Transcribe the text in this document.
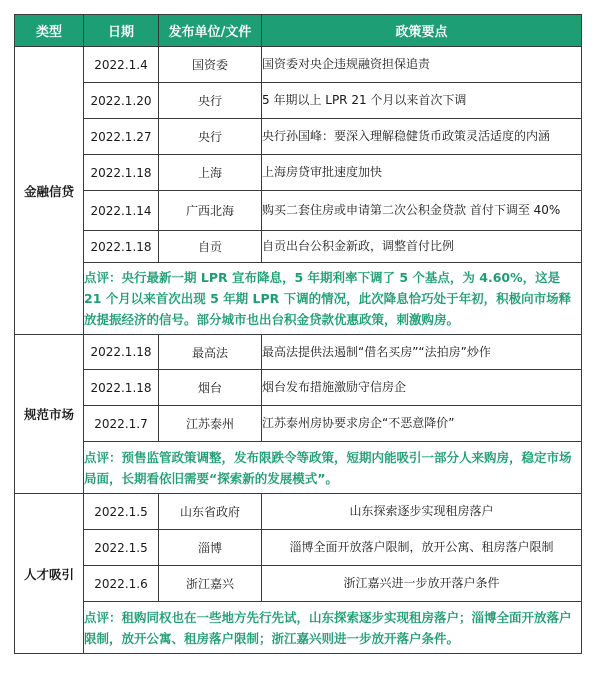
类型	日期	发布单位/文件	政策要点
金融信贷	2022.1.4	国资委	国资委对央企违规融资担保追责
	2022.1.20	央行	5 年期以上 LPR 21 个月以来首次下调
	2022.1.27	央行	央行孙国峰：要深入理解稳健货币政策灵活适度的内涵
	2022.1.18	上海	上海房贷审批速度加快
	2022.1.14	广西北海	购买二套住房或申请第二次公积金贷款 首付下调至 40%
	2022.1.18	自贡	自贡出台公积金新政，调整首付比例
	点评：央行最新一期 LPR 宣布降息，5 年期利率下调了 5 个基点，为 4.60%，这是 21 个月以来首次出现 5 年期 LPR 下调的情况，此次降息恰巧处于年初，积极向市场释放提振经济的信号。部分城市也出台积金贷款优惠政策，刺激购房。		
规范市场	2022.1.18	最高法	最高法提供法遏制“借名买房”“法拍房”炒作
	2022.1.18	烟台	烟台发布措施激励守信房企
	2022.1.7	江苏泰州	江苏泰州房协要求房企“不恶意降价”
	点评：预售监管政策调整，发布限跌令等政策，短期内能吸引一部分人来购房，稳定市场局面，长期看依旧需要“探索新的发展模式”。		
人才吸引	2022.1.5	山东省政府	山东探索逐步实现租房落户
	2022.1.5	淄博	淄博全面开放落户限制，放开公寓、租房落户限制
	2022.1.6	浙江嘉兴	浙江嘉兴进一步放开落户条件
	点评：租购同权也在一些地方先行先试，山东探索逐步实现租房落户；淄博全面开放落户限制，放开公寓、租房落户限制；浙江嘉兴则进一步放开落户条件。		
